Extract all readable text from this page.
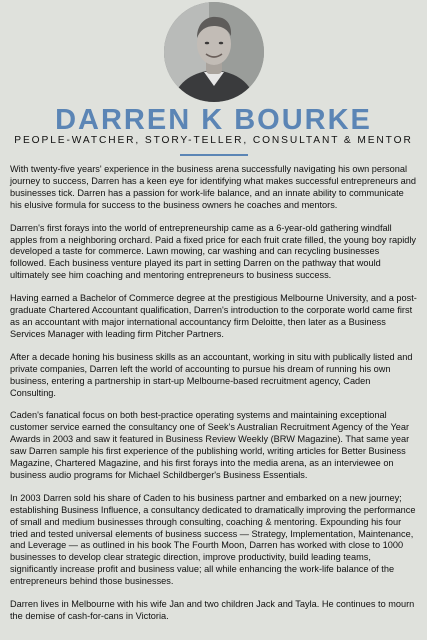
DARREN K BOURKE
PEOPLE-WATCHER, STORY-TELLER, CONSULTANT & MENTOR

With twenty-five years' experience in the business arena successfully navigating his own personal journey to success, Darren has a keen eye for identifying what makes successful entrepreneurs and businesses tick. Darren has a passion for work-life balance, and an innate ability to communicate his elusive formula for success to the business owners he coaches and mentors.

Darren's first forays into the world of entrepreneurship came as a 6-year-old gathering windfall apples from a neighboring orchard. Paid a fixed price for each fruit crate filled, the young boy rapidly developed a taste for commerce. Lawn mowing, car washing and can recycling businesses followed. Each business venture played its part in setting Darren on the pathway that would ultimately see him coaching and mentoring entrepreneurs to business success.

Having earned a Bachelor of Commerce degree at the prestigious Melbourne University, and a post-graduate Chartered Accountant qualification, Darren's introduction to the corporate world came first as an accountant with major international accountancy firm Deloitte, then later as a Business Services Manager with leading firm Pitcher Partners.

After a decade honing his business skills as an accountant, working in situ with publically listed and private companies, Darren left the world of accounting to pursue his dream of running his own business, entering a partnership in start-up Melbourne-based recruitment agency, Caden Consulting.

Caden's fanatical focus on both best-practice operating systems and maintaining exceptional customer service earned the consultancy one of Seek's Australian Recruitment Agency of the Year Awards in 2003 and saw it featured in Business Review Weekly (BRW Magazine). That same year saw Darren sample his first experience of the publishing world, writing articles for Better Business Magazine, Chartered Magazine, and his first forays into the media arena, as an interviewee on business audio programs for Michael Schildberger's Business Essentials.

In 2003 Darren sold his share of Caden to his business partner and embarked on a new journey; establishing Business Influence, a consultancy dedicated to dramatically improving the performance of small and medium businesses through consulting, coaching & mentoring. Expounding his four tried and tested universal elements of business success — Strategy, Implementation, Maintenance, and Leverage — as outlined in his book The Fourth Moon, Darren has worked with close to 1000 businesses to develop clear strategic direction, improve productivity, build leading teams, significantly increase profit and business value; all while enhancing the work-life balance of the entrepreneurs behind those businesses.

Darren lives in Melbourne with his wife Jan and two children Jack and Tayla. He continues to mourn the demise of cash-for-cans in Victoria.
